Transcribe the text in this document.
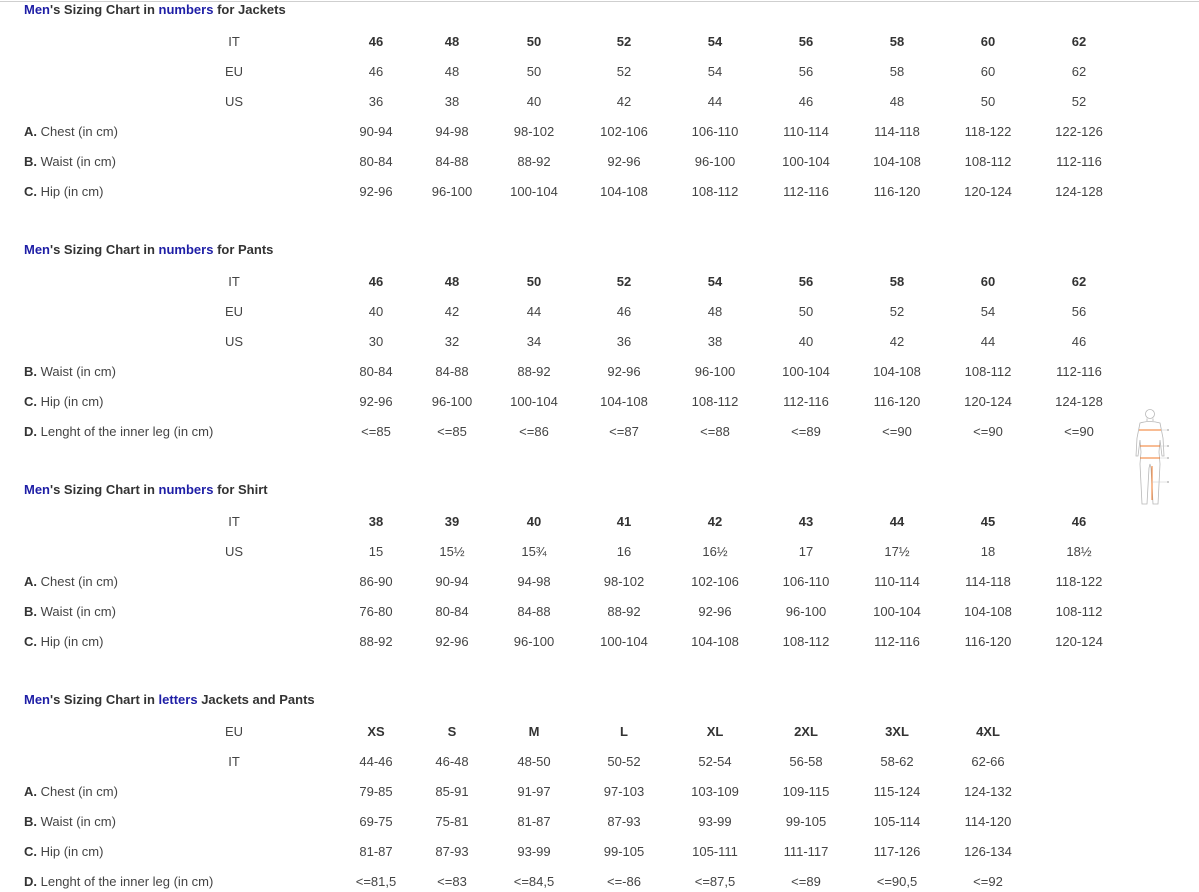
Men's Sizing Chart in numbers for Jackets
IT	46	48	50	52	54	56	58	60	62
EU	46	48	50	52	54	56	58	60	62
US	36	38	40	42	44	46	48	50	52
A. Chest (in cm)	90-94	94-98	98-102	102-106	106-110	110-114	114-118	118-122	122-126
B. Waist (in cm)	80-84	84-88	88-92	92-96	96-100	100-104	104-108	108-112	112-116
C. Hip (in cm)	92-96	96-100	100-104	104-108	108-112	112-116	116-120	120-124	124-128
Men's Sizing Chart in numbers for Pants
IT	46	48	50	52	54	56	58	60	62
EU	40	42	44	46	48	50	52	54	56
US	30	32	34	36	38	40	42	44	46
B. Waist (in cm)	80-84	84-88	88-92	92-96	96-100	100-104	104-108	108-112	112-116
C. Hip (in cm)	92-96	96-100	100-104	104-108	108-112	112-116	116-120	120-124	124-128
D. Lenght of the inner leg (in cm)	<=85	<=85	<=86	<=87	<=88	<=89	<=90	<=90	<=90
Men's Sizing Chart in numbers for Shirt
IT	38	39	40	41	42	43	44	45	46
US	15	15½	15¾	16	16½	17	17½	18	18½
A. Chest (in cm)	86-90	90-94	94-98	98-102	102-106	106-110	110-114	114-118	118-122
B. Waist (in cm)	76-80	80-84	84-88	88-92	92-96	96-100	100-104	104-108	108-112
C. Hip (in cm)	88-92	92-96	96-100	100-104	104-108	108-112	112-116	116-120	120-124
Men's Sizing Chart in letters Jackets and Pants
EU	XS	S	M	L	XL	2XL	3XL	4XL
IT	44-46	46-48	48-50	50-52	52-54	56-58	58-62	62-66
A. Chest (in cm)	79-85	85-91	91-97	97-103	103-109	109-115	115-124	124-132
B. Waist (in cm)	69-75	75-81	81-87	87-93	93-99	99-105	105-114	114-120
C. Hip (in cm)	81-87	87-93	93-99	99-105	105-111	111-117	117-126	126-134
D. Lenght of the inner leg (in cm)	<=81,5	<=83	<=84,5	<=-86	<=87,5	<=89	<=90,5	<=92
